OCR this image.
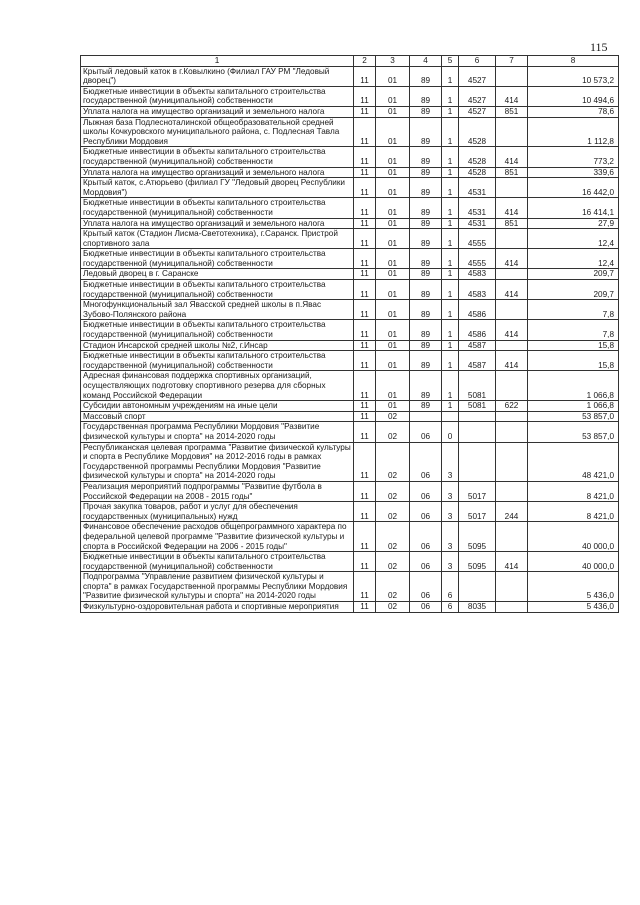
115
1	2	3	4	5	6	7	8
Крытый ледовый каток в г.Ковылкино (Филиал ГАУ РМ "Ледовый дворец")	11	01	89	1	4527		10 573,2
Бюджетные инвестиции в объекты капитального строительства государственной (муниципальной) собственности	11	01	89	1	4527	414	10 494,6
Уплата налога на имущество организаций и земельного налога	11	01	89	1	4527	851	78,6
Лыжная база Подлесноталинской общеобразовательной средней школы Кочкуровского муниципального района, с. Подлесная Тавла Республики Мордовия	11	01	89	1	4528		1 112,8
Бюджетные инвестиции в объекты капитального строительства государственной (муниципальной) собственности	11	01	89	1	4528	414	773,2
Уплата налога на имущество организаций и земельного налога	11	01	89	1	4528	851	339,6
Крытый каток, с.Атюрьево (филиал ГУ "Ледовый дворец Республики Мордовия")	11	01	89	1	4531		16 442,0
Бюджетные инвестиции в объекты капитального строительства государственной (муниципальной) собственности	11	01	89	1	4531	414	16 414,1
Уплата налога на имущество организаций и земельного налога	11	01	89	1	4531	851	27,9
Крытый каток (Стадион Лисма-Светотехника), г.Саранск. Пристрой спортивного зала	11	01	89	1	4555		12,4
Бюджетные инвестиции в объекты капитального строительства государственной (муниципальной) собственности	11	01	89	1	4555	414	12,4
Ледовый дворец в г. Саранске	11	01	89	1	4583		209,7
Бюджетные инвестиции в объекты капитального строительства государственной (муниципальной) собственности	11	01	89	1	4583	414	209,7
Многофункциональный зал Явасской средней школы в п.Явас Зубово-Полянского района	11	01	89	1	4586		7,8
Бюджетные инвестиции в объекты капитального строительства государственной (муниципальной) собственности	11	01	89	1	4586	414	7,8
Стадион Инсарской средней школы №2, г.Инсар	11	01	89	1	4587		15,8
Бюджетные инвестиции в объекты капитального строительства государственной (муниципальной) собственности	11	01	89	1	4587	414	15,8
Адресная финансовая поддержка спортивных организаций, осуществляющих подготовку спортивного резерва для сборных команд Российской Федерации	11	01	89	1	5081		1 066,8
Субсидии автономным учреждениям на иные цели	11	01	89	1	5081	622	1 066,8
Массовый спорт	11	02					53 857,0
Государственная программа Республики Мордовия "Развитие физической культуры и спорта" на 2014-2020 годы	11	02	06	0			53 857,0
Республиканская целевая программа "Развитие физической культуры и спорта в Республике Мордовия" на 2012-2016 годы в рамках Государственной программы Республики Мордовия "Развитие физической культуры и спорта" на 2014-2020 годы	11	02	06	3			48 421,0
Реализация мероприятий подпрограммы "Развитие футбола в Российской Федерации на 2008 - 2015 годы"	11	02	06	3	5017		8 421,0
Прочая закупка товаров, работ и услуг для обеспечения государственных (муниципальных) нужд	11	02	06	3	5017	244	8 421,0
Финансовое обеспечение расходов общепрограммного характера по федеральной целевой программе "Развитие физической культуры и спорта в Российской Федерации на 2006 - 2015 годы"	11	02	06	3	5095		40 000,0
Бюджетные инвестиции в объекты капитального строительства государственной (муниципальной) собственности	11	02	06	3	5095	414	40 000,0
Подпрограмма "Управление развитием физической культуры и спорта" в рамках Государственной программы Республики Мордовия "Развитие физической культуры и спорта" на 2014-2020 годы	11	02	06	6			5 436,0
Физкультурно-оздоровительная работа и спортивные мероприятия	11	02	06	6	8035		5 436,0
